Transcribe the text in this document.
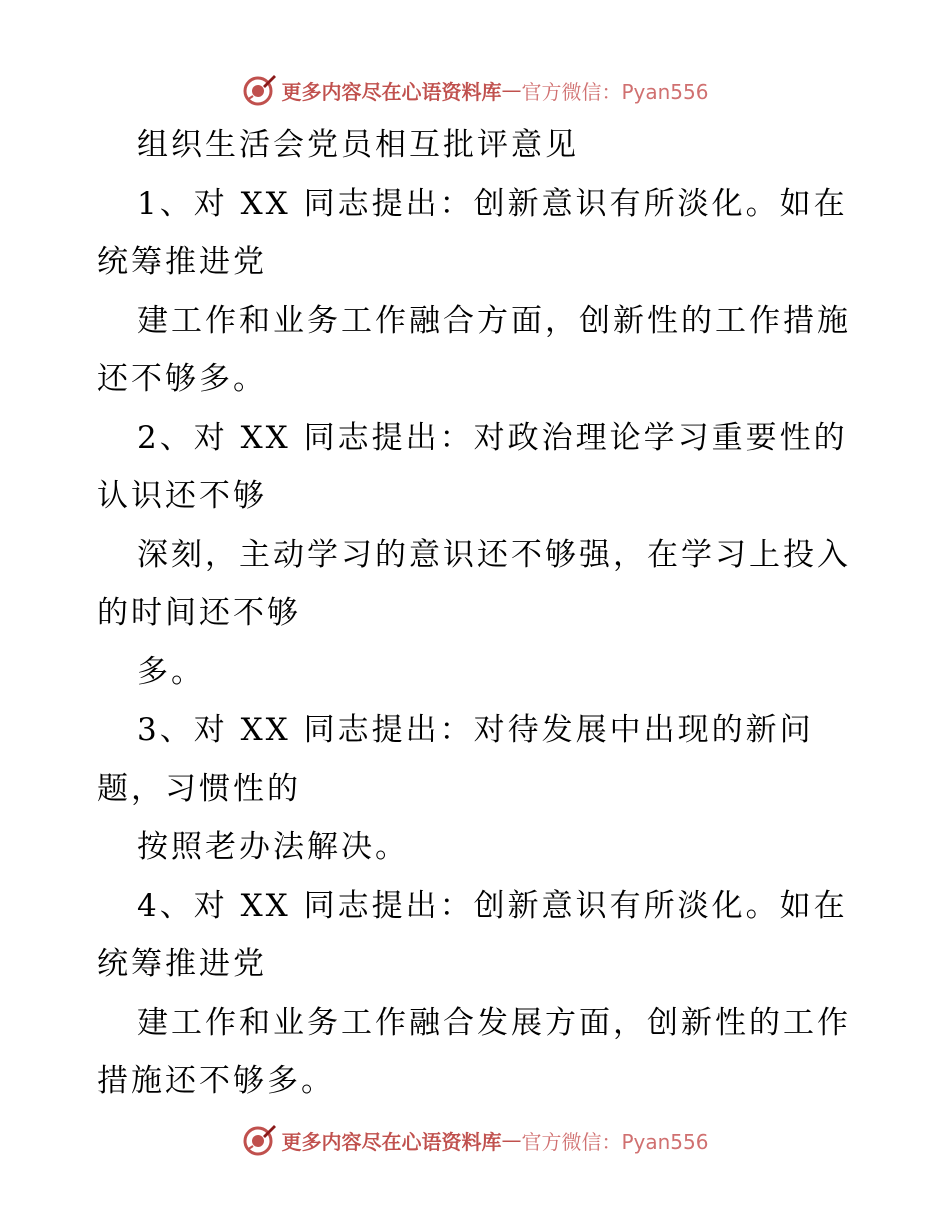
更多内容尽在心语资料库 — 官方微信：Pyan556

组织生活会党员相互批评意见

1、对 XX 同志提出：创新意识有所淡化。如在

统筹推进党

建工作和业务工作融合方面，创新性的工作措施

还不够多。

2、对 XX 同志提出：对政治理论学习重要性的

认识还不够

深刻，主动学习的意识还不够强，在学习上投入

的时间还不够

多。

3、对 XX 同志提出：对待发展中出现的新问

题，习惯性的

按照老办法解决。

4、对 XX 同志提出：创新意识有所淡化。如在

统筹推进党

建工作和业务工作融合发展方面，创新性的工作

措施还不够多。

更多内容尽在心语资料库 — 官方微信：Pyan556
